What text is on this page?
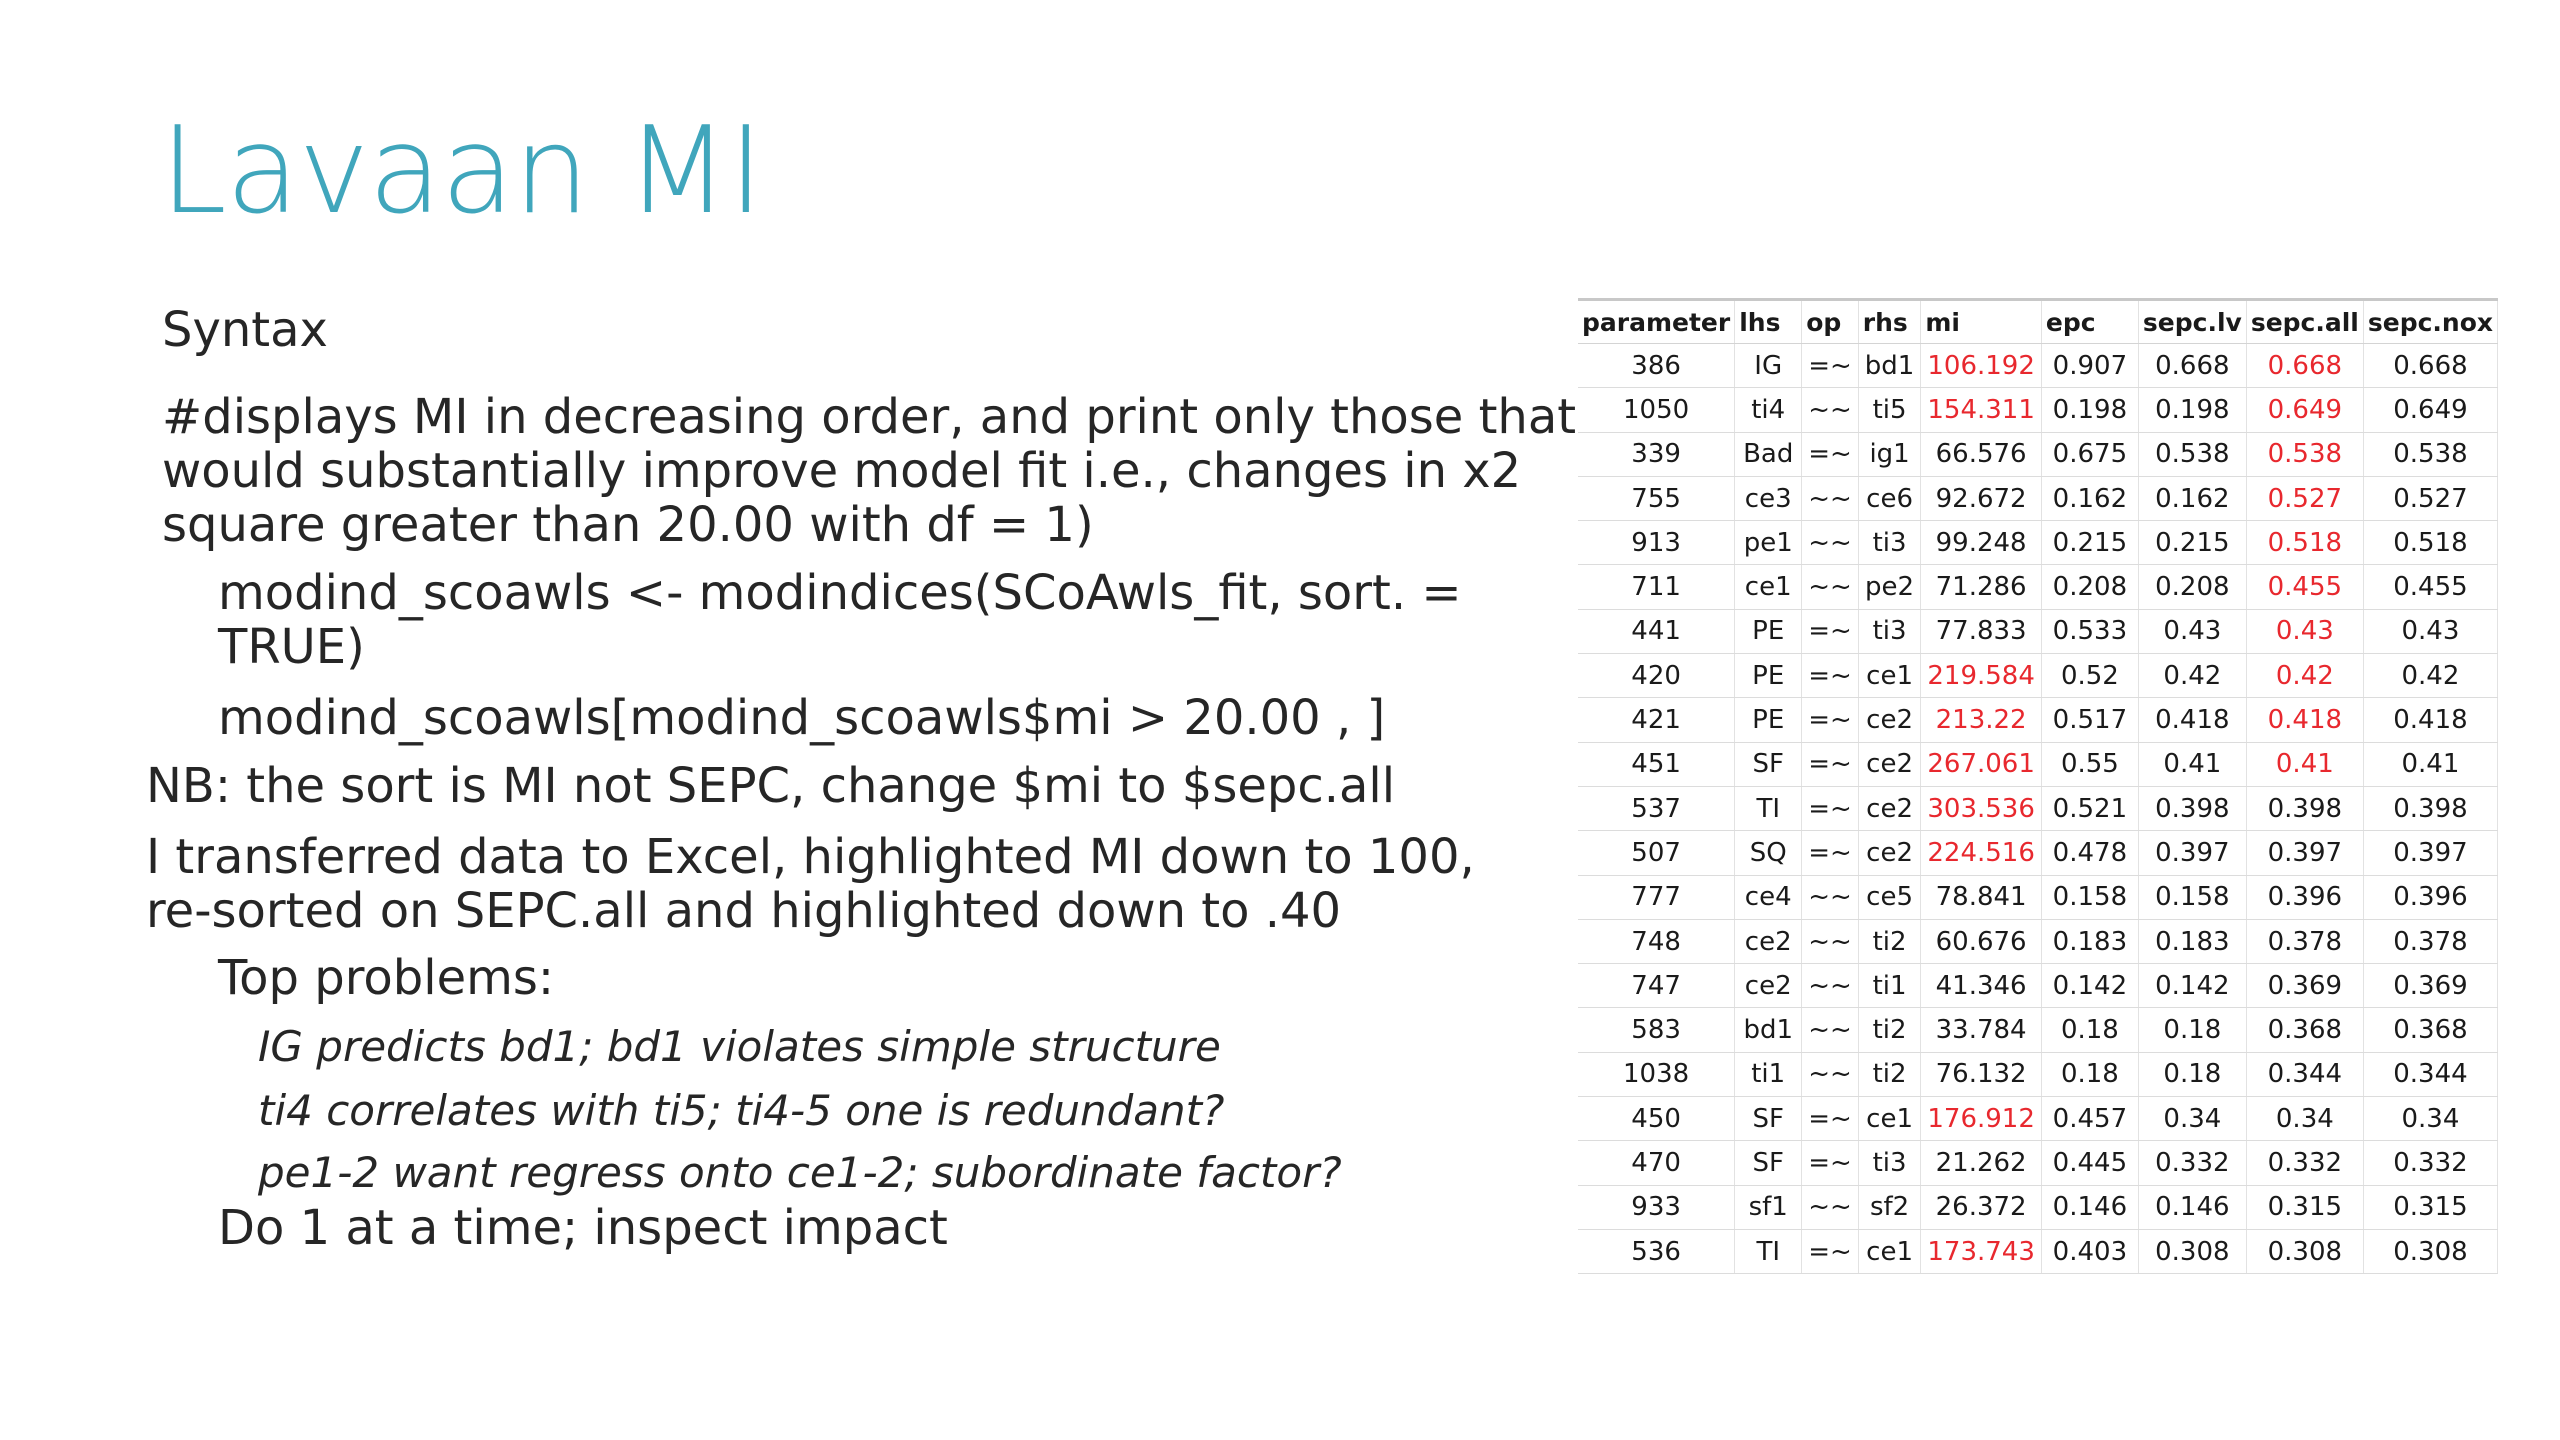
Lavaan MI
Syntax
#displays MI in decreasing order, and print only those that would substantially improve model fit i.e., changes in x2 square greater than 20.00 with df = 1)
modind_scoawls <- modindices(SCoAwls_fit, sort. = TRUE)
modind_scoawls[modind_scoawls$mi > 20.00 , ]
NB: the sort is MI not SEPC, change $mi to $sepc.all
I transferred data to Excel, highlighted MI down to 100, re-sorted on SEPC.all and highlighted down to .40
Top problems:
IG predicts bd1; bd1 violates simple structure
ti4 correlates with ti5; ti4-5 one is redundant?
pe1-2 want regress onto ce1-2; subordinate factor?
Do 1 at a time; inspect impact
parameter	lhs	op	rhs	mi	epc	sepc.lv	sepc.all	sepc.nox
386	IG	=~	bd1	106.192	0.907	0.668	0.668	0.668
1050	ti4	~~	ti5	154.311	0.198	0.198	0.649	0.649
339	Bad	=~	ig1	66.576	0.675	0.538	0.538	0.538
755	ce3	~~	ce6	92.672	0.162	0.162	0.527	0.527
913	pe1	~~	ti3	99.248	0.215	0.215	0.518	0.518
711	ce1	~~	pe2	71.286	0.208	0.208	0.455	0.455
441	PE	=~	ti3	77.833	0.533	0.43	0.43	0.43
420	PE	=~	ce1	219.584	0.52	0.42	0.42	0.42
421	PE	=~	ce2	213.22	0.517	0.418	0.418	0.418
451	SF	=~	ce2	267.061	0.55	0.41	0.41	0.41
537	TI	=~	ce2	303.536	0.521	0.398	0.398	0.398
507	SQ	=~	ce2	224.516	0.478	0.397	0.397	0.397
777	ce4	~~	ce5	78.841	0.158	0.158	0.396	0.396
748	ce2	~~	ti2	60.676	0.183	0.183	0.378	0.378
747	ce2	~~	ti1	41.346	0.142	0.142	0.369	0.369
583	bd1	~~	ti2	33.784	0.18	0.18	0.368	0.368
1038	ti1	~~	ti2	76.132	0.18	0.18	0.344	0.344
450	SF	=~	ce1	176.912	0.457	0.34	0.34	0.34
470	SF	=~	ti3	21.262	0.445	0.332	0.332	0.332
933	sf1	~~	sf2	26.372	0.146	0.146	0.315	0.315
536	TI	=~	ce1	173.743	0.403	0.308	0.308	0.308
